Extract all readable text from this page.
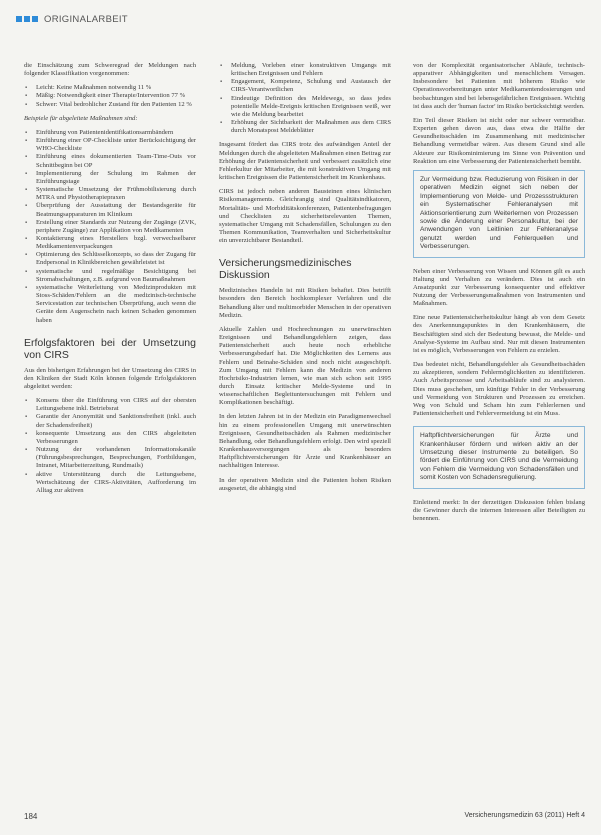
ORIGINALARBEIT

die Einschätzung zum Schweregrad der Meldungen nach folgender Klassifikation vorgenommen:

▪ Leicht: Keine Maßnahmen notwendig 11 %
▪ Mäßig: Notwendigkeit einer Therapie/Intervention 77 %
▪ Schwer: Vital bedrohlicher Zustand für den Patienten 12 %

Beispiele für abgeleitete Maßnahmen sind:

▪ Einführung von Patientenidentifikationsarmbändern
▪ Einführung einer OP-Checkliste unter Berücksichtigung der WHO-Checkliste
▪ Einführung eines dokumentierten Team-Time-Outs vor Schnittbeginn bei OP
▪ Implementierung der Schulung im Rahmen der Einführungstage
▪ Systematische Umsetzung der Frühmobilisierung durch MTRA und Physiotherapiepraxen
▪ Überprüfung der Ausstattung der Bestandsgeräte für Beatmungsapparaturen im Klinikum
▪ Erstellung einer Standards zur Nutzung der Zugänge (ZVK, periphere Zugänge) zur Applikation von Medikamenten
▪ Kontaktierung eines Herstellers bzgl. verwechselbarer Medikamentenverpackungen
▪ Optimierung des Schlüsselkonzepts, so dass der Zugang für Endpersonal in Klinikbereichen gewährleistet ist
▪ systematische und regelmäßige Besichtigung bei Stromabschaltungen, z.B. aufgrund von Baumaßnahmen
▪ systematische Weiterleitung von Medizinprodukten mit Stoss-Schäden/Fehlern an die medizinisch-technische Servicestation zur technischen Überprüfung, auch wenn die Geräte dem Augenschein nach keinen Schaden genommen haben
Erfolgsfaktoren bei der Umsetzung von CIRS

Aus den bisherigen Erfahrungen bei der Umsetzung des CIRS in den Kliniken der Stadt Köln können folgende Erfolgsfaktoren abgeleitet werden:

▪ Konsens über die Einführung von CIRS auf der obersten Leitungsebene inkl. Betriebsrat
▪ Garantie der Anonymität und Sanktionsfreiheit (inkl. auch der Schadensfreiheit)
▪ konsequente Umsetzung aus den CIRS abgeleiteten Verbesserungen
▪ Nutzung der vorhandenen Informationskanäle (Führungsbesprechungen, Besprechungen, Fortbildungen, Intranet, Mitarbeiterzeitung, Rundmails)
▪ aktive Unterstützung durch die Leitungsebene, Wertschätzung der CIRS-Aktivitäten, Aufforderung im Alltag zur aktiven
▪ Meldung, Vorleben einer konstruktiven Umgangs mit kritischen Ereignissen und Fehlern
▪ Engagement, Kompetenz, Schulung und Austausch der CIRS-Verantwortlichen
▪ Eindeutige Definition des Meldewegs, so dass jedes potentielle Melde-Ereignis kritischen Ereignissen weiß, wer wie die Meldung bearbeitet
▪ Erhöhung der Sichtbarkeit der Maßnahmen aus dem CIRS durch Monatspost Meldeblätter

Insgesamt fördert das CIRS trotz des aufwändigen Anteil der Meldungen durch die abgeleiteten Maßnahmen einen Beitrag zur Erhöhung der Patientensicherheit und verbessert zusätzlich eine Fehlerkultur der Mitarbeiter, die mit konstruktiven Umgang mit kritischen Ereignissen die Patientensicherheit im Krankenhaus.

CIRS ist jedoch neben anderen Bausteinen eines klinischen Risikomanagements. Gleichrangig sind Qualitätsindikatoren, Mortalitäts- und Morbiditätskonferenzen, Patientenbefragungen und Checklisten zu sicherheitsrelevanten Themen, systematischer Umgang mit Schadensfällen, Schulungen zu den Themen Kommunikation, Teamverhalten und Sicherheitskultur ein unverzichtbarer Bestandteil.

Versicherungsmedizinisches Diskussion

Medizinisches Handeln ist mit Risiken behaftet. Dies betrifft besonders den Bereich hochkomplexer Verfahren und die Behandlung älter und multimorbider Menschen in der operativen Medizin.

Aktuelle Zahlen und Hochrechnungen zu unerwünschten Ereignissen und Behandlungsfehlern zeigen, dass Patientensicherheit auch heute noch erhebliche Verbesserungsbedarf hat. Die Möglichkeiten des Lernens aus Fehlern und Beinahe-Schäden sind noch nicht ausgeschöpft. Zum Umgang mit Fehlern kann die Medizin von anderen Hochrisiko-Industrien lernen, wie man sich schon seit 1995 durch Einsatz kritischer Melde-Systeme und in wissenschaftlichen Begleituntersuchungen mit Fehlern und Komplikationen beschäftigt.

In den letzten Jahren ist in der Medizin ein Paradigmenwechsel hin zu einem professionellen Umgang mit unerwünschten Ereignissen, Gesundheitsschäden als Rahmen medizinischer Behandlung, oder Behandlungsfehlern erfolgt. Den wird speziell Krankenhausversorgungen als besonders Haftpflichtversicherungen für Ärzte und Krankenhäuser an nachhaltigen Interesse.

In der operativen Medizin sind die Patienten hohen Risiken ausgesetzt, die abhängig sind

von der Komplexität organisatorischer Abläufe, technisch-apparativer Abhängigkeiten und menschlichem Versagen. Insbesondere bei Patienten mit höherem Risiko wie Operationsvorbereitungen unter Medikamentendosierungen und beobachtungen sind bei lebensgefährlichen Ereignissen. Wichtig ist dass auch der 'human factor' im Risiko berücksichtigt werden.

Ein Teil dieser Risiken ist nicht oder nur schwer vermeidbar. Experten gehen davon aus, dass etwa die Hälfte der Gesundheitsschäden im Zusammenhang mit medizinischer Behandlung vermeidbar wären. Aus diesem Grund sind alle Akteure zur Risikominimierung im Sinne von Prävention und Reaktion um eine Verbesserung der Patientensicherheit bemüht.

Zur Vermeidung bzw. Reduzierung von Risiken in der operativen Medizin eignet sich neben der Implementierung von Melde- und Prozessstrukturen ein Systematischer Fehleranalysen mit Aktionsorientierung zum Weiterlernen von Prozessen sowie die Änderung einer Personalkultur, bei der Anwendungen von Leitlinien zur Fehleranalyse genutzt werden und Fehlerquellen und Verbesserungen.

Neben einer Verbesserung von Wissen und Können gilt es auch Haltung und Verhalten zu verändern. Dies ist auch ein Ansatzpunkt zur Verbesserung konsequenter und effektiver Nutzung der Verbesserungsmaßnahmen von Instrumenten und Maßnahmen.

Eine neue Patientensicherheitskultur hängt ab von dem Gesetz des Anerkennungspunktes in den Krankenhäusern, die Beschäftigten sind sich der Bedeutung bewusst, die Melde- und Analyse-Systeme im Aufbau sind. Nur mit diesen Instrumenten ist es möglich, Verbesserungen von Fehlern zu erzielen.

Das bedeutet nicht, Behandlungsfehler als Gesundheitsschäden zu akzeptieren, sondern Fehlermöglichkeiten zu identifizieren. Auch Arbeitsprozesse und Arbeitsabläufe sind zu analysieren. Dies muss geschehen, um künftige Fehler in der Verbesserung und Vermeidung von Strukturen und Prozessen zu erreichen. Weg von Schuld und Scham hin zum Fehlerlernen und Patientensicherheit und Fehlervermeidung ist ein Muss.

Haftpflichtversicherungen für Ärzte und Krankenhäuser fördern und wirken aktiv an der Umsetzung dieser Instrumente zu beteiligen. So fördert die Einführung von CIRS und die Vermeidung von Fehlern die Vermeidung von Schadensfällen und somit Kosten von Schadensregulierung.

Einleitend merkt: In der derzeitigen Diskussion fehlen bislang die Gewinner durch die internen Interessen aller Beteiligten zu benennen.

184	Versicherungsmedizin 63 (2011) Heft 4
